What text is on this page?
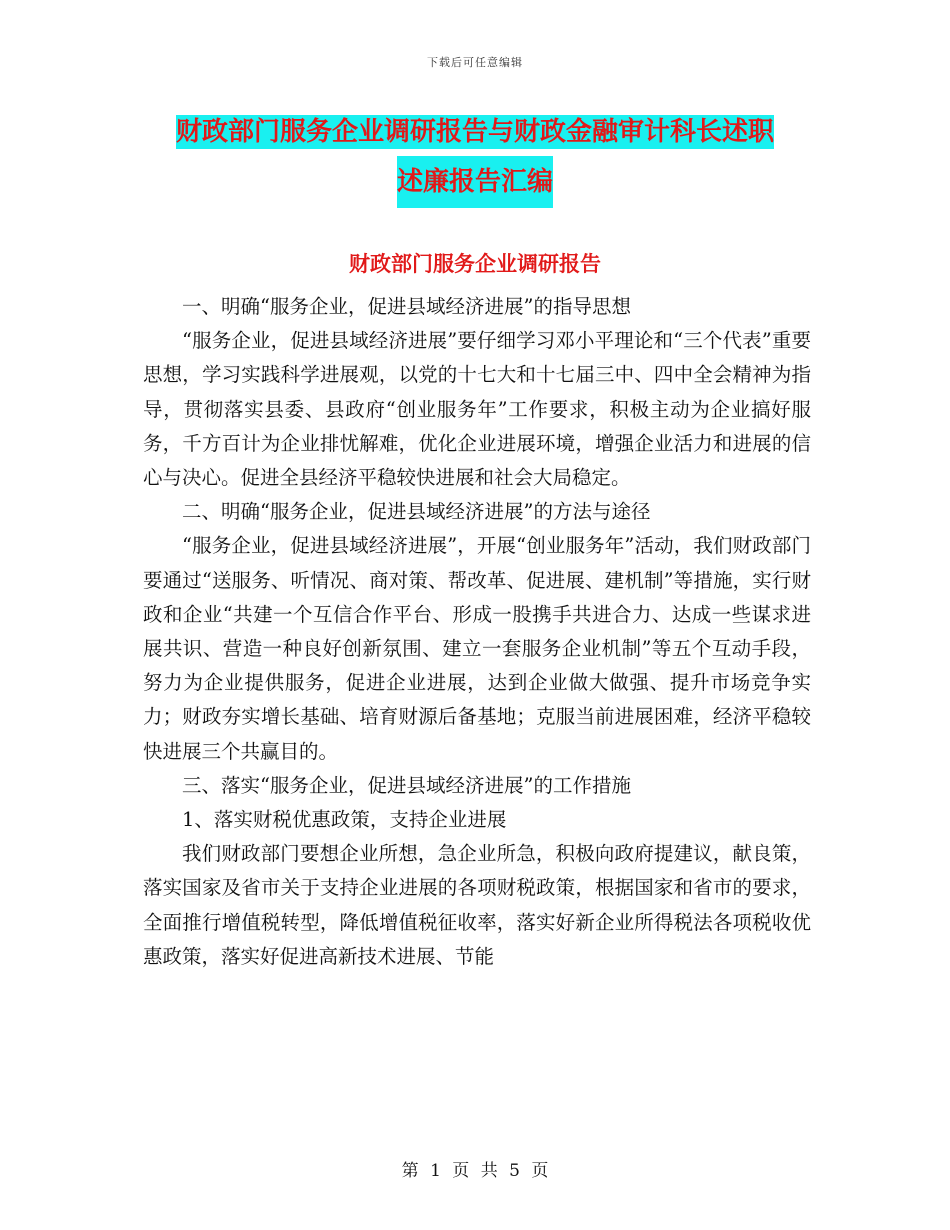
下载后可任意编辑
财政部门服务企业调研报告与财政金融审计科长述职
述廉报告汇编
财政部门服务企业调研报告

一、明确“服务企业，促进县域经济进展”的指导思想

“服务企业，促进县域经济进展”要仔细学习邓小平理论和“三个代表”重要思想，学习实践科学进展观，以党的十七大和十七届三中、四中全会精神为指导，贯彻落实县委、县政府“创业服务年”工作要求，积极主动为企业搞好服务，千方百计为企业排忧解难，优化企业进展环境，增强企业活力和进展的信心与决心。促进全县经济平稳较快进展和社会大局稳定。

二、明确“服务企业，促进县域经济进展”的方法与途径

“服务企业，促进县域经济进展”，开展“创业服务年”活动，我们财政部门要通过“送服务、听情况、商对策、帮改革、促进展、建机制”等措施，实行财政和企业“共建一个互信合作平台、形成一股携手共进合力、达成一些谋求进展共识、营造一种良好创新氛围、建立一套服务企业机制”等五个互动手段，努力为企业提供服务，促进企业进展，达到企业做大做强、提升市场竞争实力；财政夯实增长基础、培育财源后备基地；克服当前进展困难，经济平稳较快进展三个共赢目的。

三、落实“服务企业，促进县域经济进展”的工作措施

1、落实财税优惠政策，支持企业进展

我们财政部门要想企业所想，急企业所急，积极向政府提建议，献良策，落实国家及省市关于支持企业进展的各项财税政策，根据国家和省市的要求，全面推行增值税转型，降低增值税征收率，落实好新企业所得税法各项税收优惠政策，落实好促进高新技术进展、节能

第 1 页 共 5 页
